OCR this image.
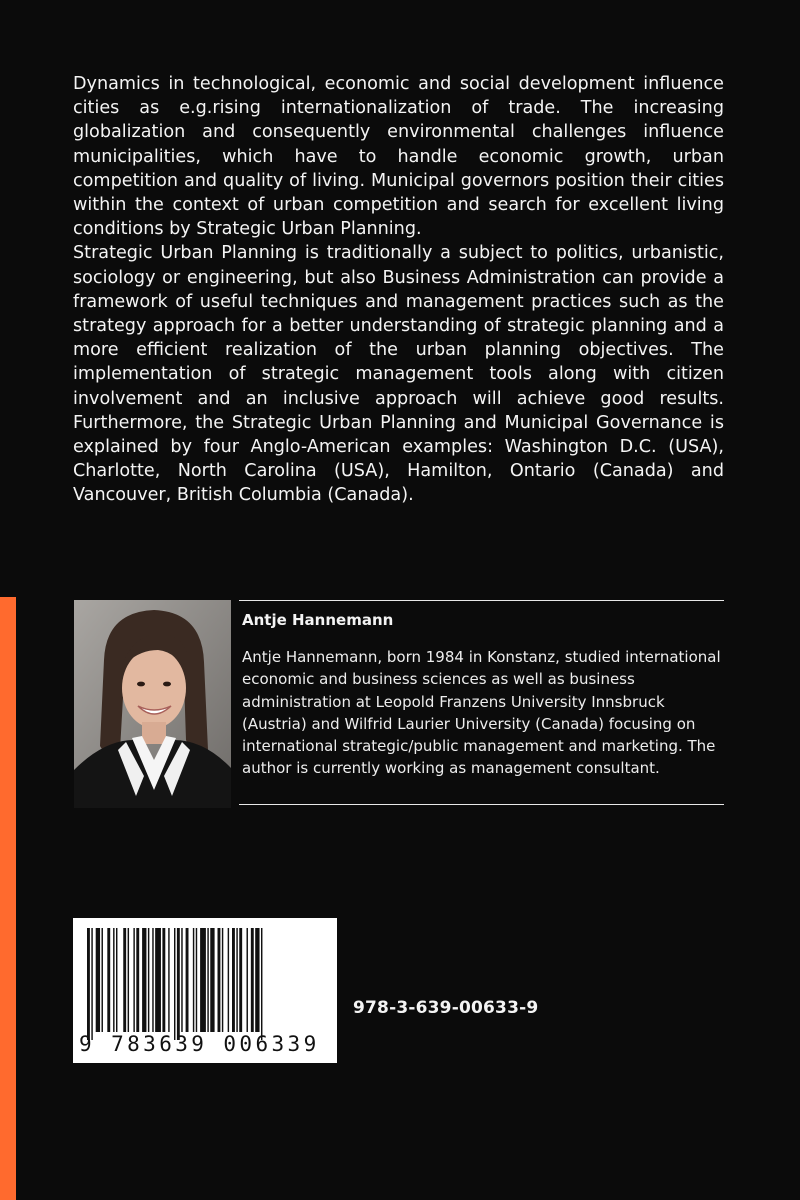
Dynamics in technological, economic and social development influence cities as e.g.rising internationalization of trade. The increasing globalization and consequently environmental challenges influence municipalities, which have to handle economic growth, urban competition and quality of living. Municipal governors position their cities within the context of urban competition and search for excellent living conditions by Strategic Urban Planning.

Strategic Urban Planning is traditionally a subject to politics, urbanistic, sociology or engineering, but also Business Administration can provide a framework of useful techniques and management practices such as the strategy approach for a better understanding of strategic planning and a more efficient realization of the urban planning objectives. The implementation of strategic management tools along with citizen involvement and an inclusive approach will achieve good results. Furthermore, the Strategic Urban Planning and Municipal Governance is explained by four Anglo-American examples: Washington D.C. (USA), Charlotte, North Carolina (USA), Hamilton, Ontario (Canada) and Vancouver, British Columbia (Canada).

Antje Hannemann

Antje Hannemann, born 1984 in Konstanz, studied international economic and business sciences as well as business administration at Leopold Franzens University Innsbruck (Austria) and Wilfrid Laurier University (Canada) focusing on international strategic/public management and marketing. The author is currently working as management consultant.

9 783639 006339
978-3-639-00633-9
